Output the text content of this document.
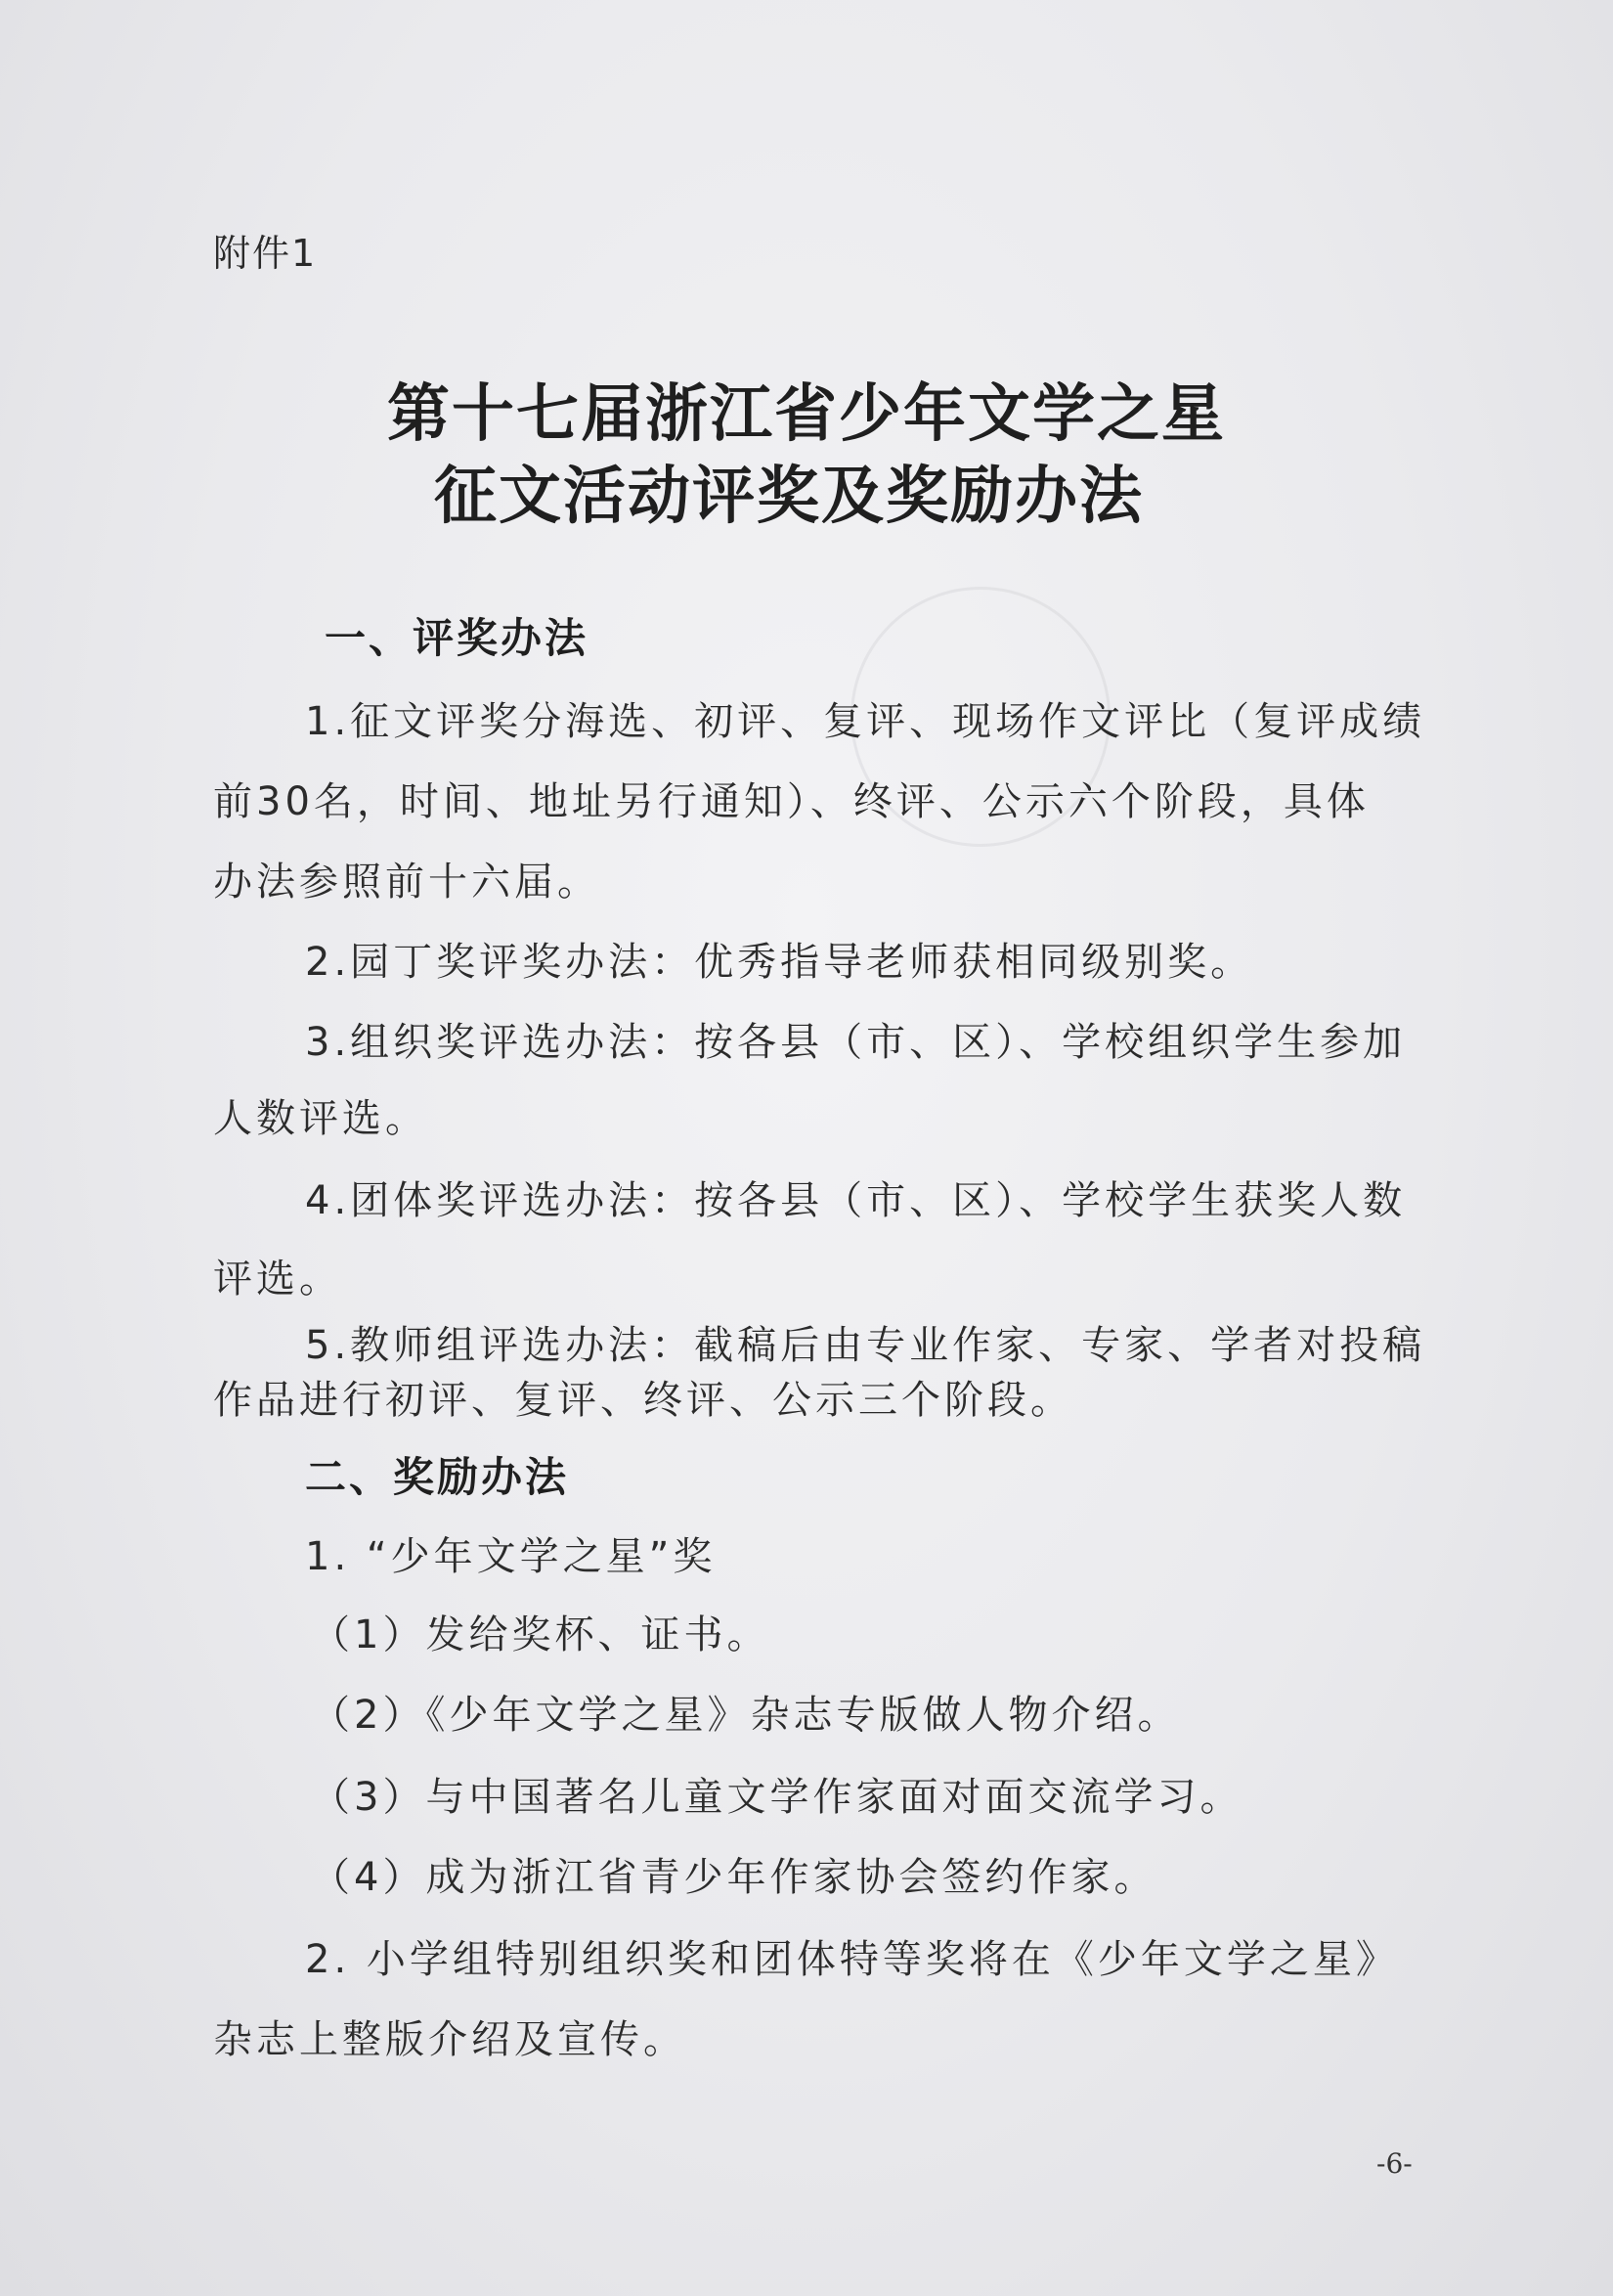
附件1
第十七届浙江省少年文学之星
征文活动评奖及奖励办法
一、评奖办法
1.征文评奖分海选、初评、复评、现场作文评比（复评成绩
前30名，时间、地址另行通知）、终评、公示六个阶段，具体
办法参照前十六届。
2.园丁奖评奖办法：优秀指导老师获相同级别奖。
3.组织奖评选办法：按各县（市、区）、学校组织学生参加
人数评选。
4.团体奖评选办法：按各县（市、区）、学校学生获奖人数
评选。
5.教师组评选办法：截稿后由专业作家、专家、学者对投稿
作品进行初评、复评、终评、公示三个阶段。
二、奖励办法
1. “少年文学之星”奖
（1）发给奖杯、证书。
（2）《少年文学之星》杂志专版做人物介绍。
（3）与中国著名儿童文学作家面对面交流学习。
（4）成为浙江省青少年作家协会签约作家。
2. 小学组特别组织奖和团体特等奖将在《少年文学之星》
杂志上整版介绍及宣传。
-6-
